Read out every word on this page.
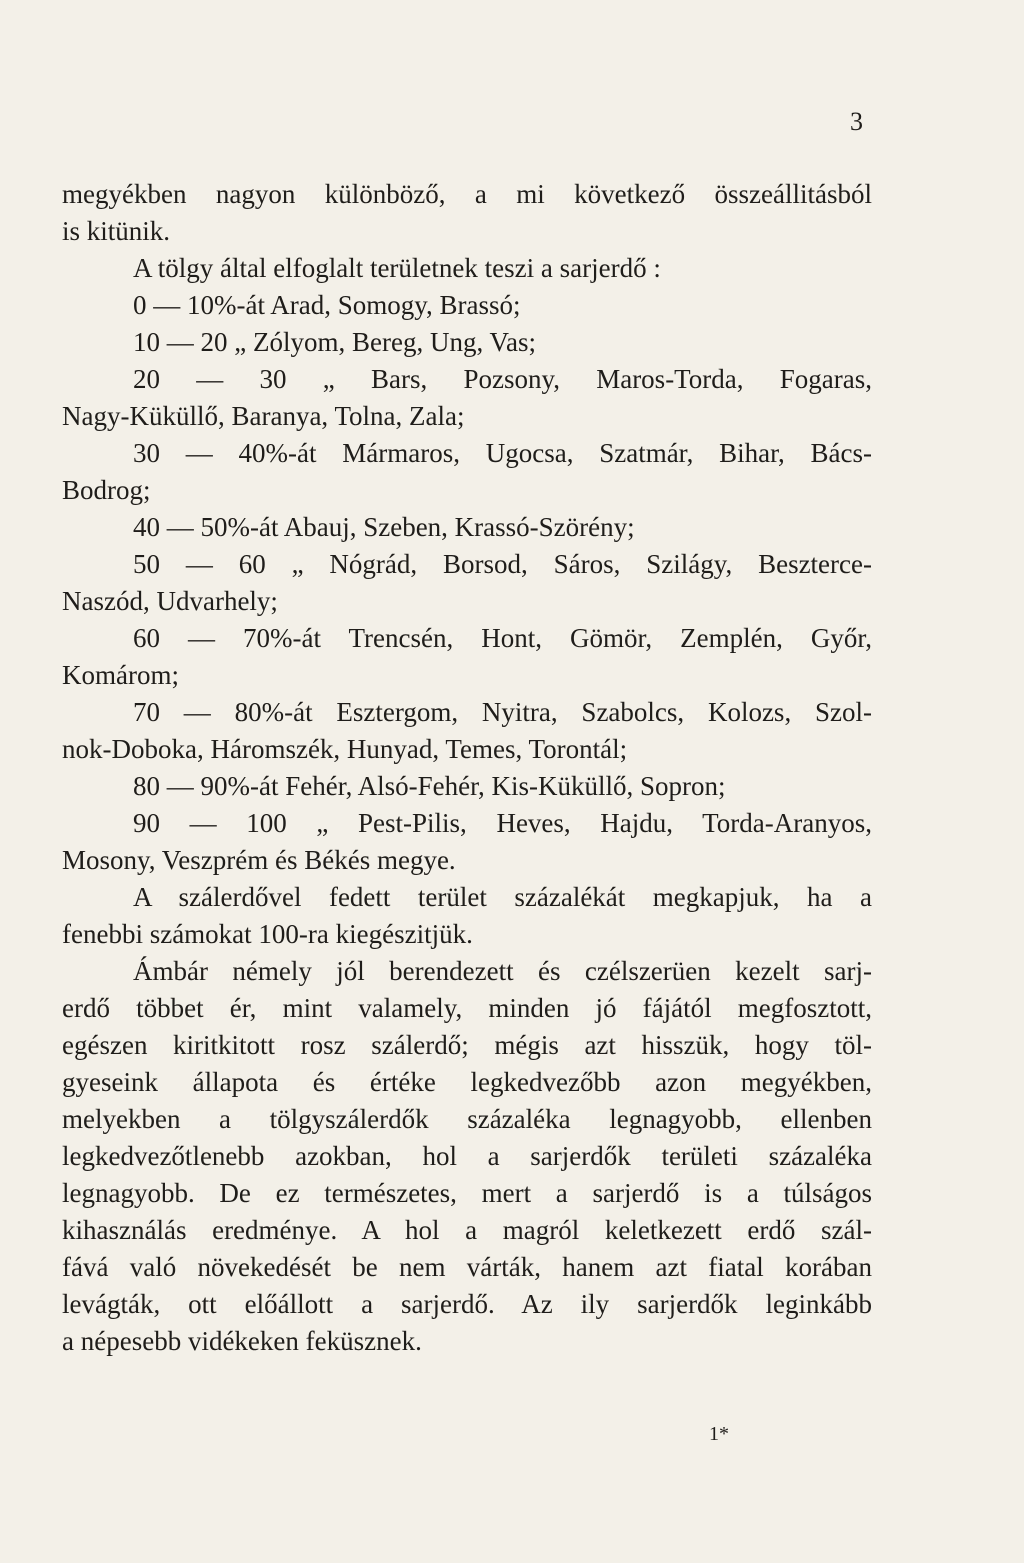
3
megyékben nagyon különböző, a mi következő összeállitásból
is kitünik.
A tölgy által elfoglalt területnek teszi a sarjerdő :
0 — 10%-át Arad, Somogy, Brassó;
10 — 20 „ Zólyom, Bereg, Ung, Vas;
20 — 30 „ Bars, Pozsony, Maros-Torda, Fogaras,
Nagy-Küküllő, Baranya, Tolna, Zala;
30 — 40%-át Mármaros, Ugocsa, Szatmár, Bihar, Bács-
Bodrog;
40 — 50%-át Abauj, Szeben, Krassó-Szörény;
50 — 60 „ Nógrád, Borsod, Sáros, Szilágy, Beszterce-
Naszód, Udvarhely;
60 — 70%-át Trencsén, Hont, Gömör, Zemplén, Győr,
Komárom;
70 — 80%-át Esztergom, Nyitra, Szabolcs, Kolozs, Szol-
nok-Doboka, Háromszék, Hunyad, Temes, Torontál;
80 — 90%-át Fehér, Alsó-Fehér, Kis-Küküllő, Sopron;
90 — 100 „ Pest-Pilis, Heves, Hajdu, Torda-Aranyos,
Mosony, Veszprém és Békés megye.
A szálerdővel fedett terület százalékát megkapjuk, ha a
fenebbi számokat 100-ra kiegészitjük.
Ámbár némely jól berendezett és czélszerüen kezelt sarj-
erdő többet ér, mint valamely, minden jó fájától megfosztott,
egészen kiritkitott rosz szálerdő; mégis azt hisszük, hogy töl-
gyeseink állapota és értéke legkedvezőbb azon megyékben,
melyekben a tölgyszálerdők százaléka legnagyobb, ellenben
legkedvezőtlenebb azokban, hol a sarjerdők területi százaléka
legnagyobb. De ez természetes, mert a sarjerdő is a túlságos
kihasználás eredménye. A hol a magról keletkezett erdő szál-
fává való növekedését be nem várták, hanem azt fiatal korában
levágták, ott előállott a sarjerdő. Az ily sarjerdők leginkább
a népesebb vidékeken feküsznek.
1*
